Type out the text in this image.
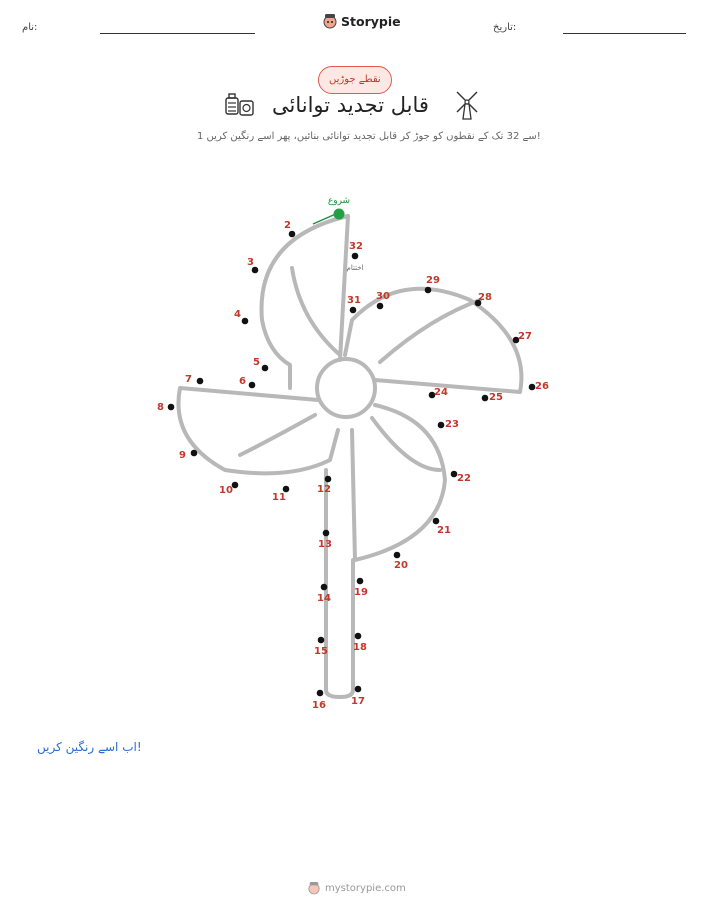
نام:	Storypie	تاریخ:
نقطے جوڑیں
قابل تجدید توانائی
1 سے 32 تک کے نقطوں کو جوڑ کر قابل تجدید توانائی بنائیں، پھر اسے رنگین کریں!
شروع
اختتام
2
3
4
5
6
7
8
9
10
11
12
13
14
15
16	17
18
19
20
21
22
23
24	25
26
27
28
29
30
31
32
اب اسے رنگین کریں!
mystorypie.com
